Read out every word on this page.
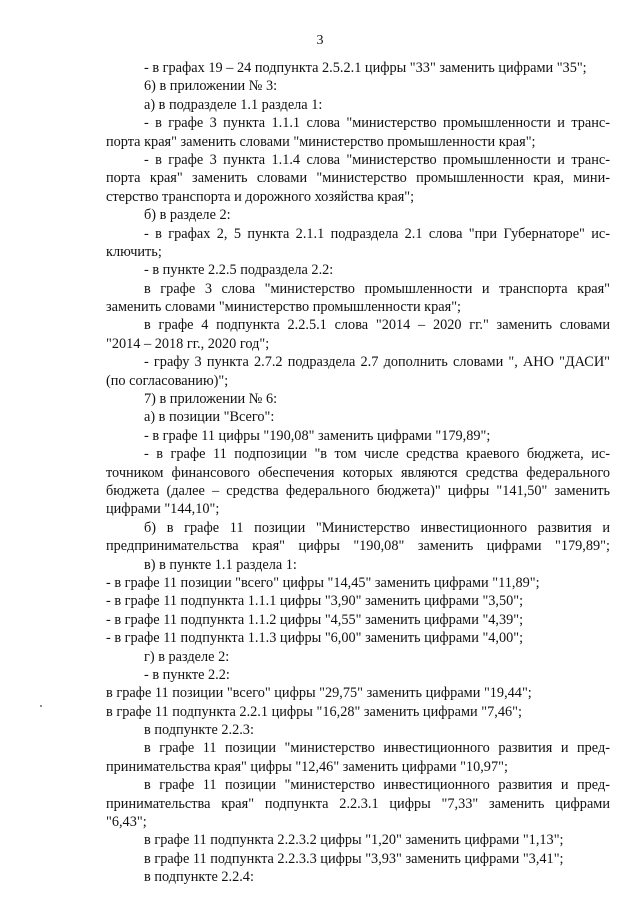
3
- в графах 19 – 24 подпункта 2.5.2.1 цифры "33" заменить цифрами "35";
6) в приложении № 3:
а) в подразделе 1.1 раздела 1:
- в графе 3 пункта 1.1.1 слова "министерство промышленности и транс-
порта края" заменить словами "министерство промышленности края";
- в графе 3 пункта 1.1.4 слова "министерство промышленности и транс-
порта края" заменить словами "министерство промышленности края, мини-
стерство транспорта и дорожного хозяйства края";
б) в разделе 2:
- в графах 2, 5 пункта 2.1.1 подраздела 2.1 слова "при Губернаторе" ис-
ключить;
- в пункте 2.2.5 подраздела 2.2:
в графе 3 слова "министерство промышленности и транспорта края"
заменить словами "министерство промышленности края";
в графе 4 подпункта 2.2.5.1 слова "2014 – 2020 гг." заменить словами
"2014 – 2018 гг., 2020 год";
- графу 3 пункта 2.7.2 подраздела 2.7 дополнить словами ", АНО "ДАСИ"
(по согласованию)";
7) в приложении № 6:
а) в позиции "Всего":
- в графе 11 цифры "190,08" заменить цифрами "179,89";
- в графе 11 подпозиции "в том числе средства краевого бюджета, ис-
точником финансового обеспечения которых являются средства федерального
бюджета (далее – средства федерального бюджета)" цифры "141,50" заменить
цифрами "144,10";
б) в графе 11 позиции "Министерство инвестиционного развития и
предпринимательства края" цифры "190,08" заменить цифрами "179,89";
в) в пункте 1.1 раздела 1:
- в графе 11 позиции "всего" цифры "14,45" заменить цифрами "11,89";
- в графе 11 подпункта 1.1.1 цифры "3,90" заменить цифрами "3,50";
- в графе 11 подпункта 1.1.2 цифры "4,55" заменить цифрами "4,39";
- в графе 11 подпункта 1.1.3 цифры "6,00" заменить цифрами "4,00";
г) в разделе 2:
- в пункте 2.2:
в графе 11 позиции "всего" цифры "29,75" заменить цифрами "19,44";
в графе 11 подпункта 2.2.1 цифры "16,28" заменить цифрами "7,46";
в подпункте 2.2.3:
в графе 11 позиции "министерство инвестиционного развития и пред-
принимательства края" цифры "12,46" заменить цифрами "10,97";
в графе 11 позиции "министерство инвестиционного развития и пред-
принимательства края" подпункта 2.2.3.1 цифры "7,33" заменить цифрами
"6,43";
в графе 11 подпункта 2.2.3.2 цифры "1,20" заменить цифрами "1,13";
в графе 11 подпункта 2.2.3.3 цифры "3,93" заменить цифрами "3,41";
в подпункте 2.2.4:
